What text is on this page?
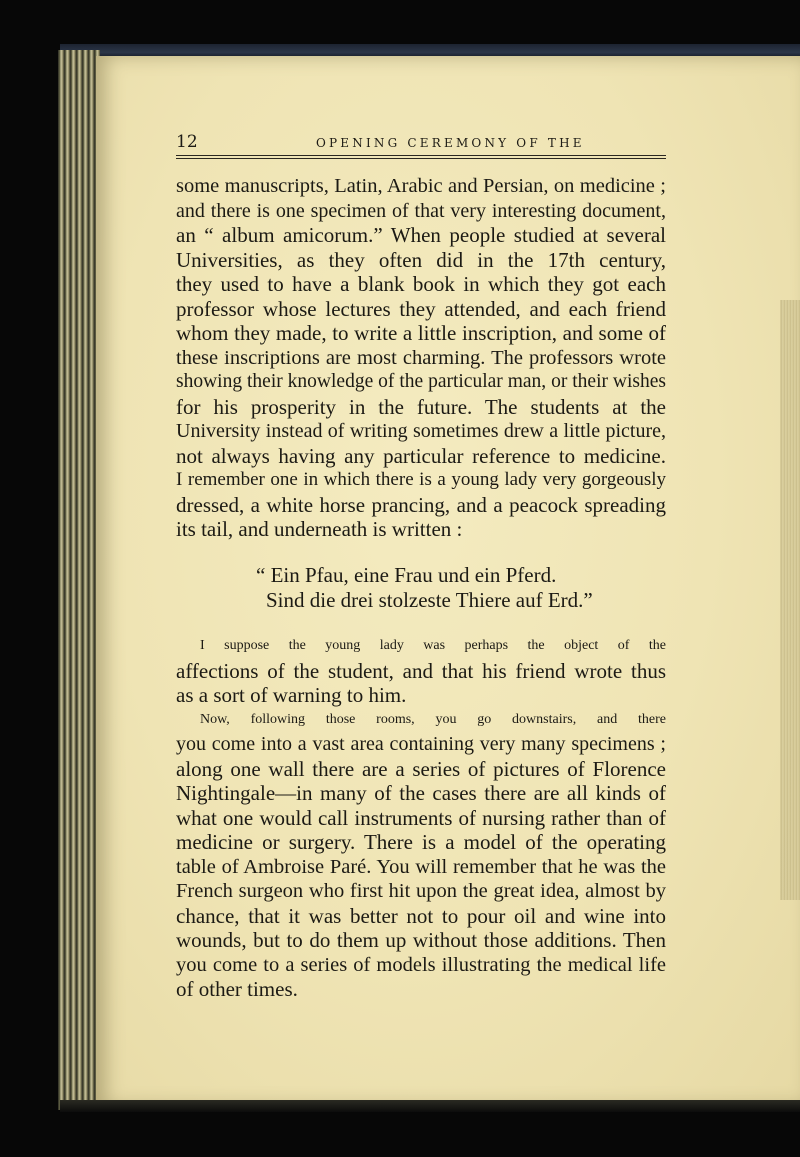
12	OPENING CEREMONY OF THE
some manuscripts, Latin, Arabic and Persian, on medicine ;
and there is one specimen of that very interesting document,
an “ album amicorum.” When people studied at several
Universities, as they often did in the 17th century,
they used to have a blank book in which they got each
professor whose lectures they attended, and each friend
whom they made, to write a little inscription, and some of
these inscriptions are most charming. The professors wrote
showing their knowledge of the particular man, or their wishes
for his prosperity in the future. The students at the
University instead of writing sometimes drew a little picture,
not always having any particular reference to medicine.
I remember one in which there is a young lady very gorgeously
dressed, a white horse prancing, and a peacock spreading
its tail, and underneath is written :
“ Ein Pfau, eine Frau und ein Pferd.
Sind die drei stolzeste Thiere auf Erd.”
I suppose the young lady was perhaps the object of the
affections of the student, and that his friend wrote thus
as a sort of warning to him.
Now, following those rooms, you go downstairs, and there
you come into a vast area containing very many specimens ;
along one wall there are a series of pictures of Florence
Nightingale—in many of the cases there are all kinds of
what one would call instruments of nursing rather than of
medicine or surgery. There is a model of the operating
table of Ambroise Paré. You will remember that he was the
French surgeon who first hit upon the great idea, almost by
chance, that it was better not to pour oil and wine into
wounds, but to do them up without those additions. Then
you come to a series of models illustrating the medical life
of other times.
